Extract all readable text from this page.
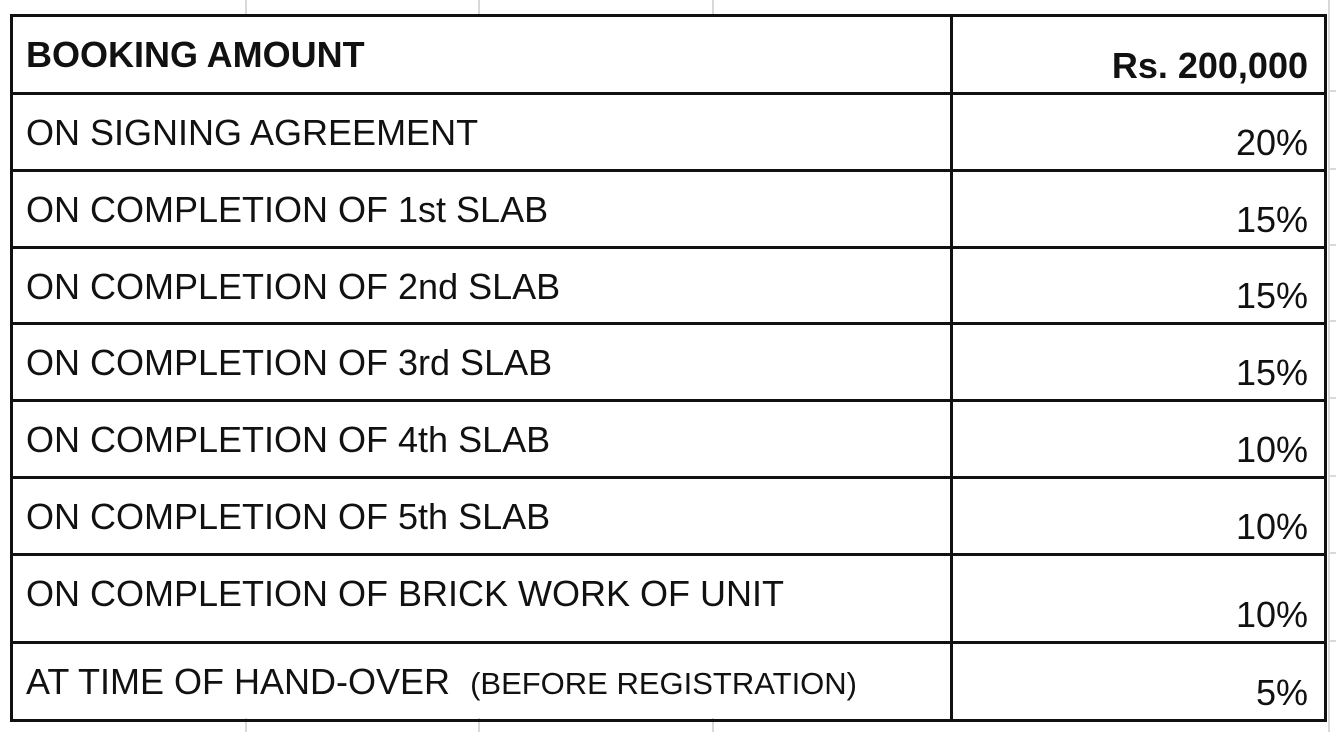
BOOKING AMOUNT	Rs. 200,000
ON SIGNING AGREEMENT	20%
ON COMPLETION OF 1st SLAB	15%
ON COMPLETION OF 2nd SLAB	15%
ON COMPLETION OF 3rd SLAB	15%
ON COMPLETION OF 4th SLAB	10%
ON COMPLETION OF 5th SLAB	10%
ON COMPLETION OF BRICK WORK OF UNIT	10%
AT TIME OF HAND-OVER (BEFORE REGISTRATION)	5%
